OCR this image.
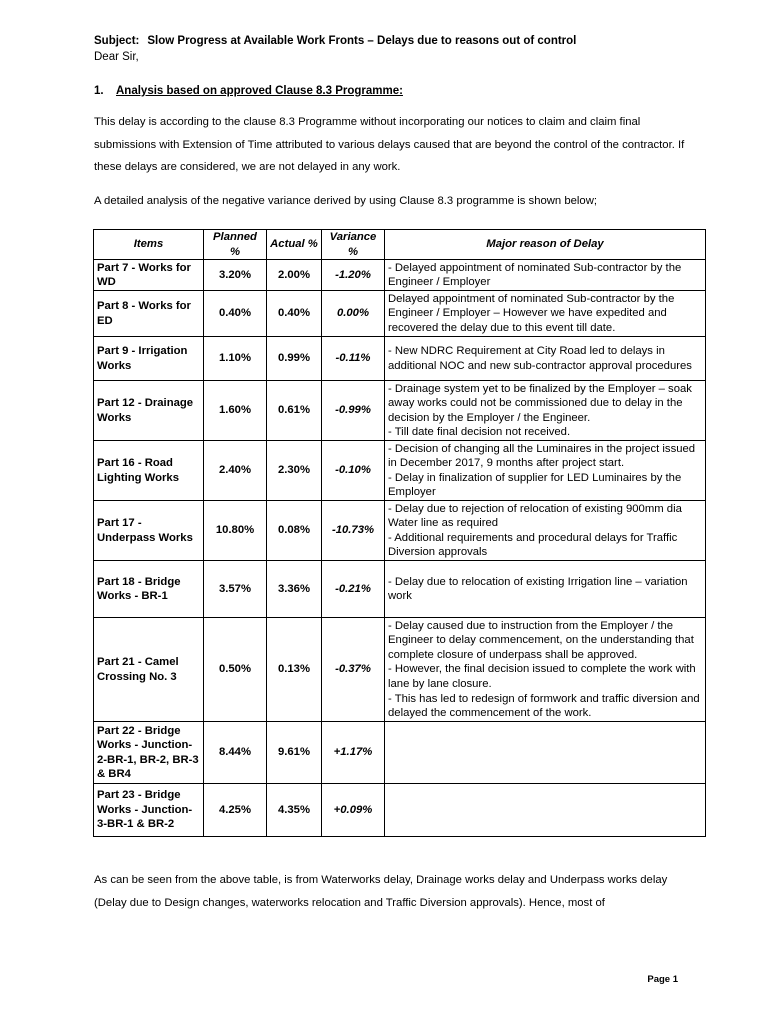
Subject: Slow Progress at Available Work Fronts – Delays due to reasons out of control
Dear Sir,
1. Analysis based on approved Clause 8.3 Programme:
This delay is according to the clause 8.3 Programme without incorporating our notices to claim and claim final submissions with Extension of Time attributed to various delays caused that are beyond the control of the contractor. If these delays are considered, we are not delayed in any work.
A detailed analysis of the negative variance derived by using Clause 8.3 programme is shown below;
Items	Planned %	Actual %	Variance %	Major reason of Delay
Part 7 - Works for WD	3.20%	2.00%	-1.20%	- Delayed appointment of nominated Sub-contractor by the Engineer / Employer
Part 8 - Works for ED	0.40%	0.40%	0.00%	Delayed appointment of nominated Sub-contractor by the Engineer / Employer – However we have expedited and recovered the delay due to this event till date.
Part 9 - Irrigation Works	1.10%	0.99%	-0.11%	- New NDRC Requirement at City Road led to delays in additional NOC and new sub-contractor approval procedures
Part 12 - Drainage Works	1.60%	0.61%	-0.99%	- Drainage system yet to be finalized by the Employer – soak away works could not be commissioned due to delay in the decision by the Employer / the Engineer.
- Till date final decision not received.
Part 16 - Road Lighting Works	2.40%	2.30%	-0.10%	- Decision of changing all the Luminaires in the project issued in December 2017, 9 months after project start.
- Delay in finalization of supplier for LED Luminaires by the Employer
Part 17 - Underpass Works	10.80%	0.08%	-10.73%	- Delay due to rejection of relocation of existing 900mm dia Water line as required
- Additional requirements and procedural delays for Traffic Diversion approvals
Part 18 - Bridge Works - BR-1	3.57%	3.36%	-0.21%	- Delay due to relocation of existing Irrigation line – variation work
Part 21 - Camel Crossing No. 3	0.50%	0.13%	-0.37%	- Delay caused due to instruction from the Employer / the Engineer to delay commencement, on the understanding that complete closure of underpass shall be approved.
- However, the final decision issued to complete the work with lane by lane closure.
- This has led to redesign of formwork and traffic diversion and delayed the commencement of the work.
Part 22 - Bridge Works - Junction-2-BR-1, BR-2, BR-3 & BR4	8.44%	9.61%	+1.17%	
Part 23 - Bridge Works - Junction-3-BR-1 & BR-2	4.25%	4.35%	+0.09%	
As can be seen from the above table, is from Waterworks delay, Drainage works delay and Underpass works delay (Delay due to Design changes, waterworks relocation and Traffic Diversion approvals). Hence, most of
Page 1
